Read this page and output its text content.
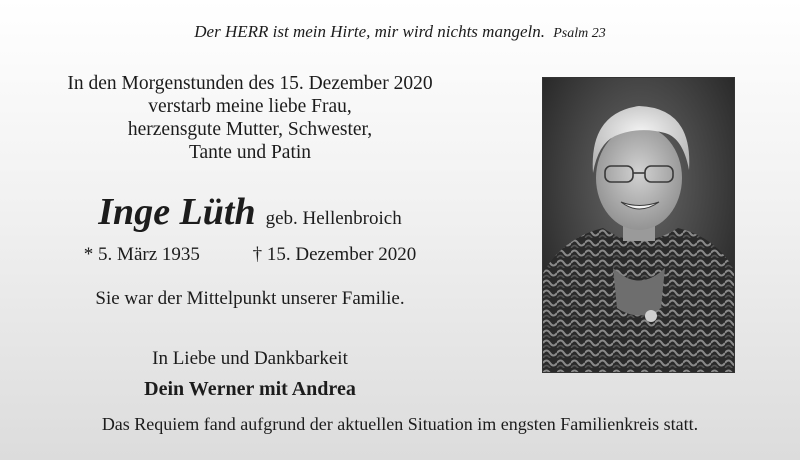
Der HERR ist mein Hirte, mir wird nichts mangeln. Psalm 23
In den Morgenstunden des 15. Dezember 2020
verstarb meine liebe Frau,
herzensgute Mutter, Schwester,
Tante und Patin
Inge Lüth geb. Hellenbroich
* 5. März 1935	† 15. Dezember 2020
Sie war der Mittelpunkt unserer Familie.
In Liebe und Dankbarkeit
Dein Werner mit Andrea
Das Requiem fand aufgrund der aktuellen Situation im engsten Familienkreis statt.
